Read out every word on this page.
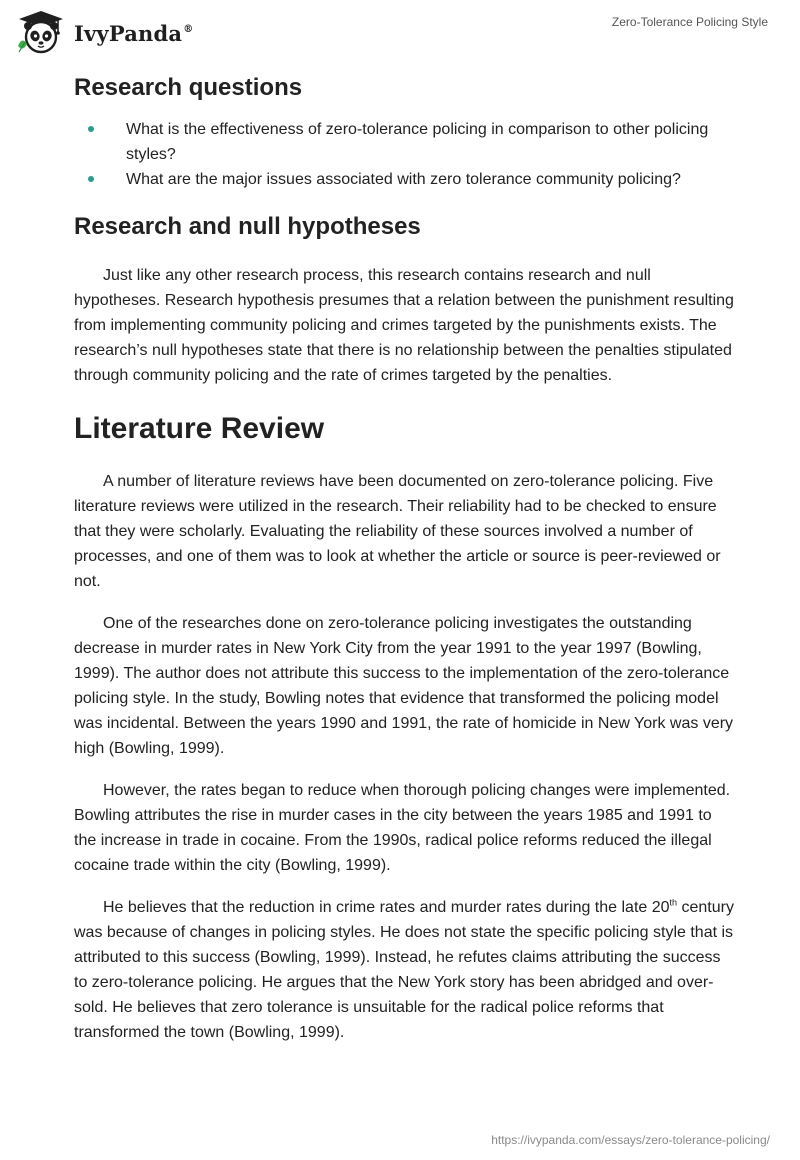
IvyPanda®	Zero-Tolerance Policing Style
Research questions
What is the effectiveness of zero-tolerance policing in comparison to other policing styles?
What are the major issues associated with zero tolerance community policing?
Research and null hypotheses

Just like any other research process, this research contains research and null hypotheses. Research hypothesis presumes that a relation between the punishment resulting from implementing community policing and crimes targeted by the punishments exists. The research’s null hypotheses state that there is no relationship between the penalties stipulated through community policing and the rate of crimes targeted by the penalties.

Literature Review

A number of literature reviews have been documented on zero-tolerance policing. Five literature reviews were utilized in the research. Their reliability had to be checked to ensure that they were scholarly. Evaluating the reliability of these sources involved a number of processes, and one of them was to look at whether the article or source is peer-reviewed or not.

One of the researches done on zero-tolerance policing investigates the outstanding decrease in murder rates in New York City from the year 1991 to the year 1997 (Bowling, 1999). The author does not attribute this success to the implementation of the zero-tolerance policing style. In the study, Bowling notes that evidence that transformed the policing model was incidental. Between the years 1990 and 1991, the rate of homicide in New York was very high (Bowling, 1999).

However, the rates began to reduce when thorough policing changes were implemented. Bowling attributes the rise in murder cases in the city between the years 1985 and 1991 to the increase in trade in cocaine. From the 1990s, radical police reforms reduced the illegal cocaine trade within the city (Bowling, 1999).

He believes that the reduction in crime rates and murder rates during the late 20th century was because of changes in policing styles. He does not state the specific policing style that is attributed to this success (Bowling, 1999). Instead, he refutes claims attributing the success to zero-tolerance policing. He argues that the New York story has been abridged and over-sold. He believes that zero tolerance is unsuitable for the radical police reforms that transformed the town (Bowling, 1999).

https://ivypanda.com/essays/zero-tolerance-policing/
